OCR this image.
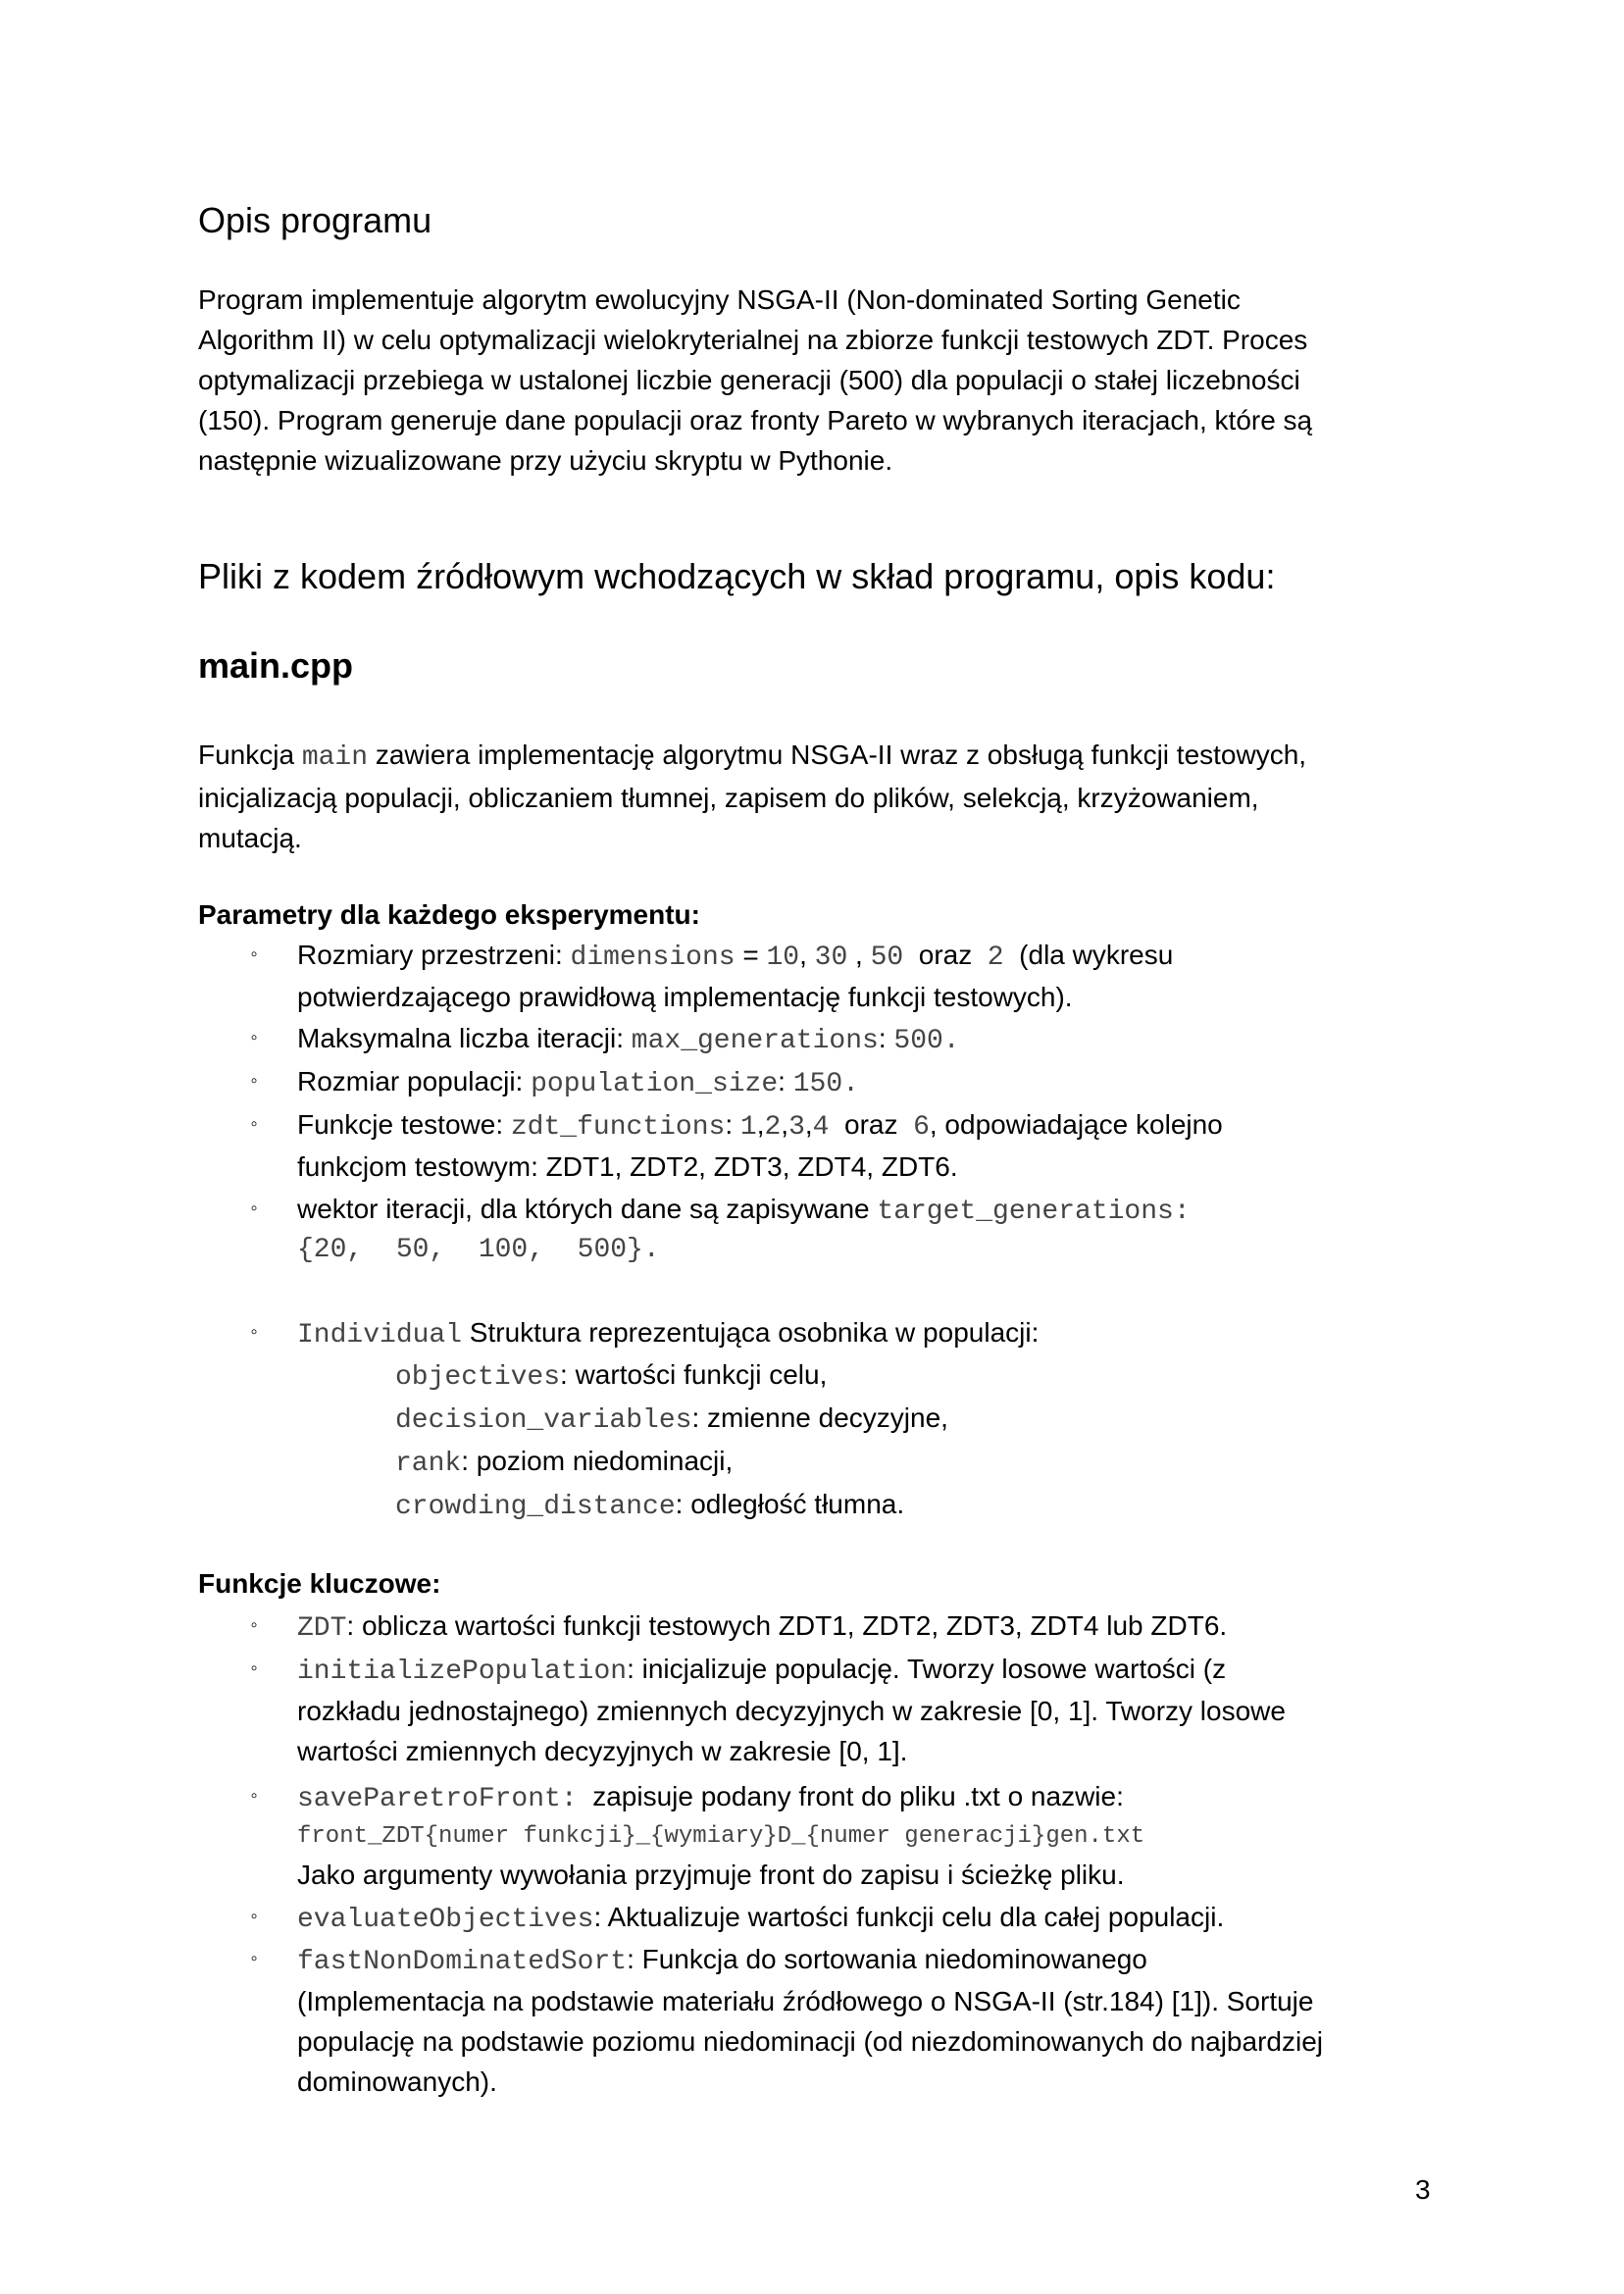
Opis programu
Program implementuje algorytm ewolucyjny NSGA-II (Non-dominated Sorting Genetic
Algorithm II) w celu optymalizacji wielokryterialnej na zbiorze funkcji testowych ZDT. Proces
optymalizacji przebiega w ustalonej liczbie generacji (500) dla populacji o stałej liczebności
(150). Program generuje dane populacji oraz fronty Pareto w wybranych iteracjach, które są
następnie wizualizowane przy użyciu skryptu w Pythonie.
Pliki z kodem źródłowym wchodzących w skład programu, opis kodu:
main.cpp
Funkcja main zawiera implementację algorytmu NSGA-II wraz z obsługą funkcji testowych,
inicjalizacją populacji, obliczaniem tłumnej, zapisem do plików, selekcją, krzyżowaniem,
mutacją.
Parametry dla każdego eksperymentu:
◦ Rozmiary przestrzeni: dimensions = 10, 30 , 50  oraz  2  (dla wykresu
potwierdzającego prawidłową implementację funkcji testowych).
◦ Maksymalna liczba iteracji: max_generations: 500.
◦ Rozmiar populacji: population_size: 150.
◦ Funkcje testowe: zdt_functions: 1,2,3,4  oraz  6, odpowiadające kolejno
funkcjom testowym: ZDT1, ZDT2, ZDT3, ZDT4, ZDT6.
◦ wektor iteracji, dla których dane są zapisywane target_generations:
{20,  50,  100,  500}.
◦ Individual Struktura reprezentująca osobnika w populacji:
objectives: wartości funkcji celu,
decision_variables: zmienne decyzyjne,
rank: poziom niedominacji,
crowding_distance: odległość tłumna.
Funkcje kluczowe:
◦ ZDT: oblicza wartości funkcji testowych ZDT1, ZDT2, ZDT3, ZDT4 lub ZDT6.
◦ initializePopulation: inicjalizuje populację. Tworzy losowe wartości (z
rozkładu jednostajnego) zmiennych decyzyjnych w zakresie [0, 1]. Tworzy losowe
wartości zmiennych decyzyjnych w zakresie [0, 1].
◦ saveParetroFront:  zapisuje podany front do pliku .txt o nazwie:
front_ZDT{numer funkcji}_{wymiary}D_{numer generacji}gen.txt
Jako argumenty wywołania przyjmuje front do zapisu i ścieżkę pliku.
◦ evaluateObjectives: Aktualizuje wartości funkcji celu dla całej populacji.
◦ fastNonDominatedSort: Funkcja do sortowania niedominowanego
(Implementacja na podstawie materiału źródłowego o NSGA-II (str.184) [1]). Sortuje
populację na podstawie poziomu niedominacji (od niezdominowanych do najbardziej
dominowanych).
3
